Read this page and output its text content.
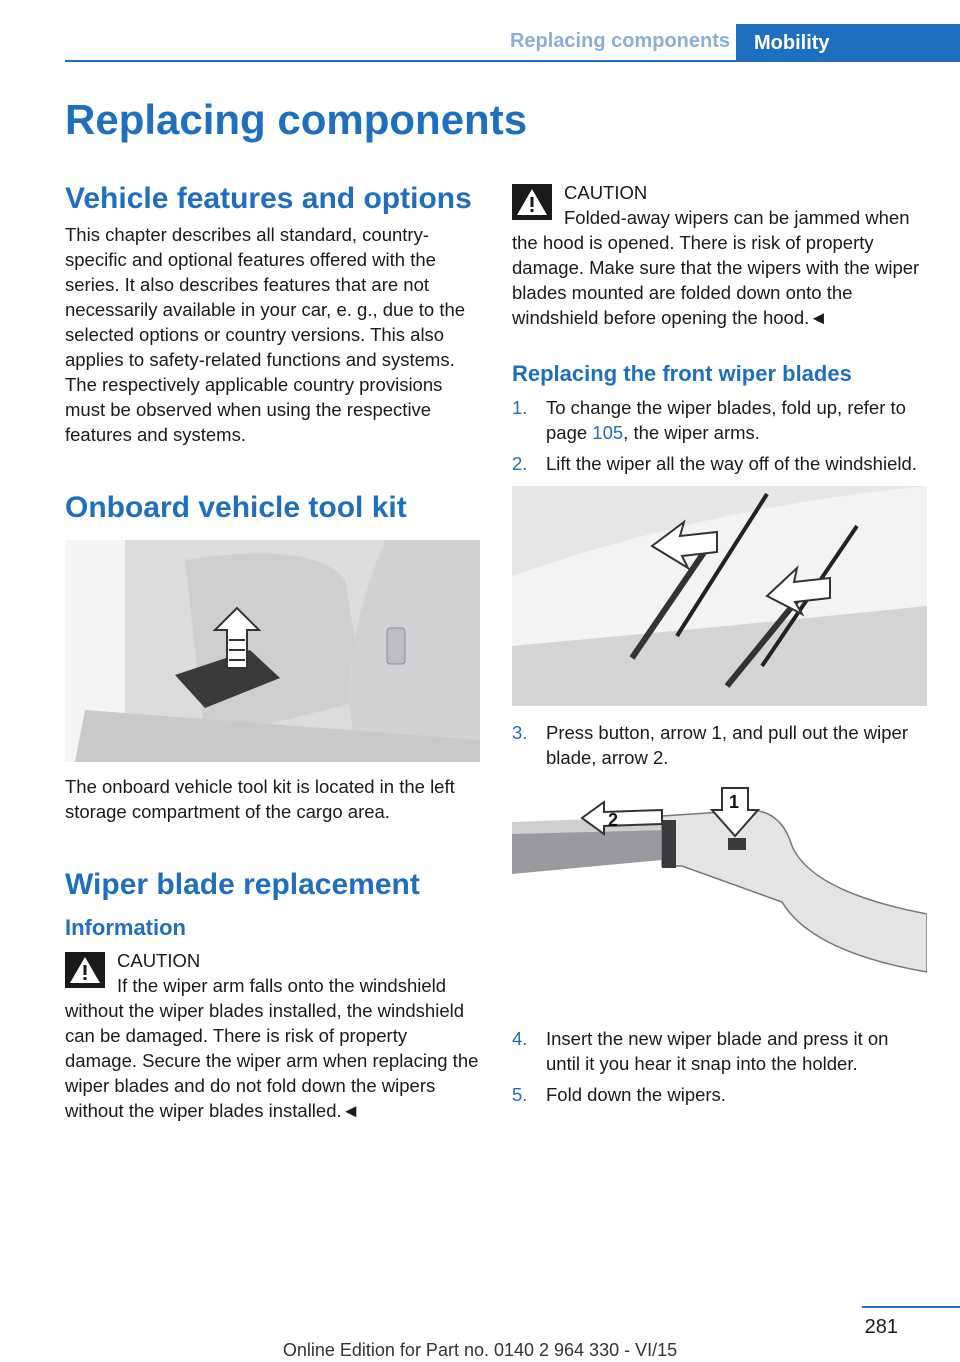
Replacing components	Mobility
Replacing components
Vehicle features and options

This chapter describes all standard, country-specific and optional features offered with the series. It also describes features that are not necessarily available in your car, e. g., due to the selected options or country versions. This also applies to safety-related functions and systems. The respectively applicable country provisions must be observed when using the respective features and systems.

Onboard vehicle tool kit

The onboard vehicle tool kit is located in the left storage compartment of the cargo area.

Wiper blade replacement
Information
CAUTION

If the wiper arm falls onto the windshield without the wiper blades installed, the windshield can be damaged. There is risk of property damage. Secure the wiper arm when replacing the wiper blades and do not fold down the wipers without the wiper blades installed.◄

CAUTION

Folded-away wipers can be jammed when the hood is opened. There is risk of property damage. Make sure that the wipers with the wiper blades mounted are folded down onto the windshield before opening the hood.◄

Replacing the front wiper blades
1. To change the wiper blades, fold up, refer to page 105, the wiper arms.
2. Lift the wiper all the way off of the windshield.
3. Press button, arrow 1, and pull out the wiper blade, arrow 2.
2
1
4. Insert the new wiper blade and press it on until it you hear it snap into the holder.
5. Fold down the wipers.
281
Online Edition for Part no. 0140 2 964 330 - VI/15
